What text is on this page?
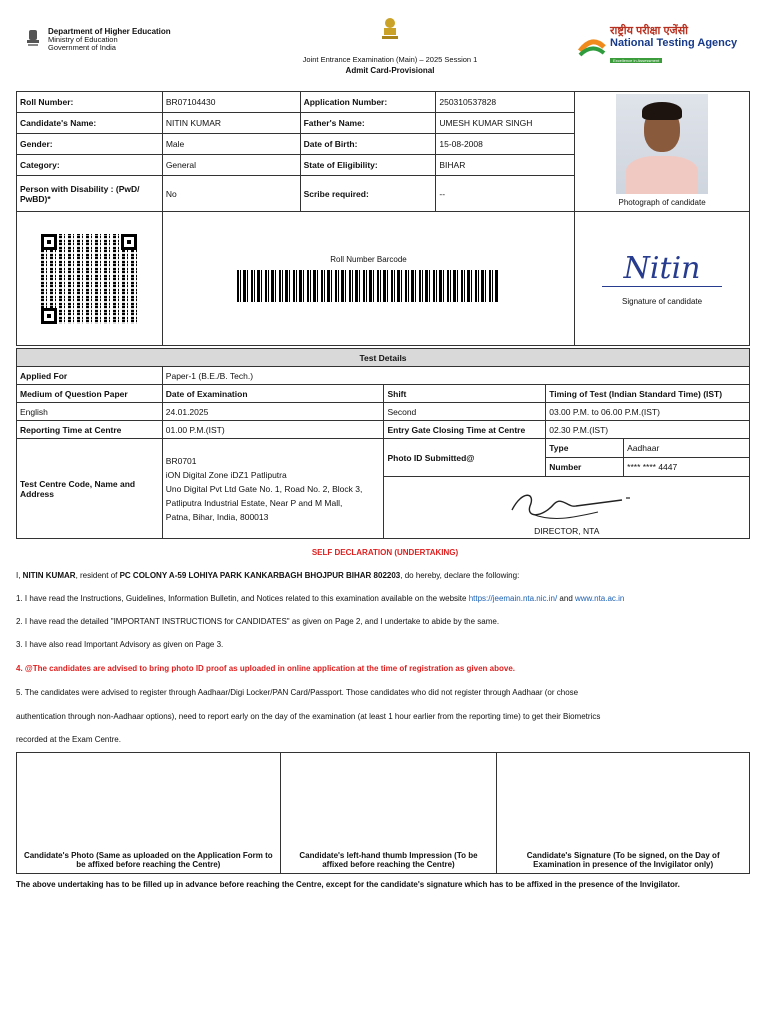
Department of Higher Education
Ministry of Education
Government of India
Joint Entrance Examination (Main) – 2025 Session 1
Admit Card-Provisional
राष्ट्रीय परीक्षा एजेंसी
National Testing Agency
Excellence in Assessment
Roll Number:	BR07104430	Application Number:	250310537828	Photograph of candidate

Candidate's Name:	NITIN KUMAR	Father's Name:	UMESH KUMAR SINGH	
Gender:	Male	Date of Birth:	15-08-2008	
Category:	General	State of Eligibility:	BIHAR	
Person with Disability : (PwD/ PwBD)*	No	Scribe required:	--	

	Roll Number Barcode			Nitin
Signature of candidate
Test Details				
Applied For	Paper-1 (B.E./B. Tech.)			
Medium of Question Paper	Date of Examination	Shift	Timing of Test (Indian Standard Time) (IST)	
English	24.01.2025	Second	03.00 P.M. to 06.00 P.M.(IST)	
Reporting Time at Centre	01.00 P.M.(IST)	Entry Gate Closing Time at Centre	02.30 P.M.(IST)	
Test Centre Code, Name and Address	BR0701
iON Digital Zone iDZ1 Patliputra
Uno Digital Pvt Ltd Gate No. 1, Road No. 2, Block 3,
Patliputra Industrial Estate, Near P and M Mall,
Patna, Bihar, India, 800013	Photo ID Submitted@	Type	Aadhaar
			Number	**** **** 4447

		DIRECTOR, NTA		
SELF DECLARATION (UNDERTAKING)
I, NITIN KUMAR, resident of PC COLONY A-59 LOHIYA PARK KANKARBAGH BHOJPUR BIHAR 802203, do hereby, declare the following:
1. I have read the Instructions, Guidelines, Information Bulletin, and Notices related to this examination available on the website https://jeemain.nta.nic.in/ and www.nta.ac.in
2. I have read the detailed "IMPORTANT INSTRUCTIONS for CANDIDATES" as given on Page 2, and I undertake to abide by the same.
3. I have also read Important Advisory as given on Page 3.
4. @The candidates are advised to bring photo ID proof as uploaded in online application at the time of registration as given above.
5. The candidates were advised to register through Aadhaar/Digi Locker/PAN Card/Passport. Those candidates who did not register through Aadhaar (or chose
authentication through non-Aadhaar options), need to report early on the day of the examination (at least 1 hour earlier from the reporting time) to get their Biometrics
recorded at the Exam Centre.
Candidate's Photo (Same as uploaded on the Application Form to be affixed before reaching the Centre)	Candidate's left-hand thumb Impression (To be affixed before reaching the Centre)	Candidate's Signature (To be signed, on the Day of Examination in presence of the Invigilator only)
The above undertaking has to be filled up in advance before reaching the Centre, except for the candidate's signature which has to be affixed in the presence of the Invigilator.
